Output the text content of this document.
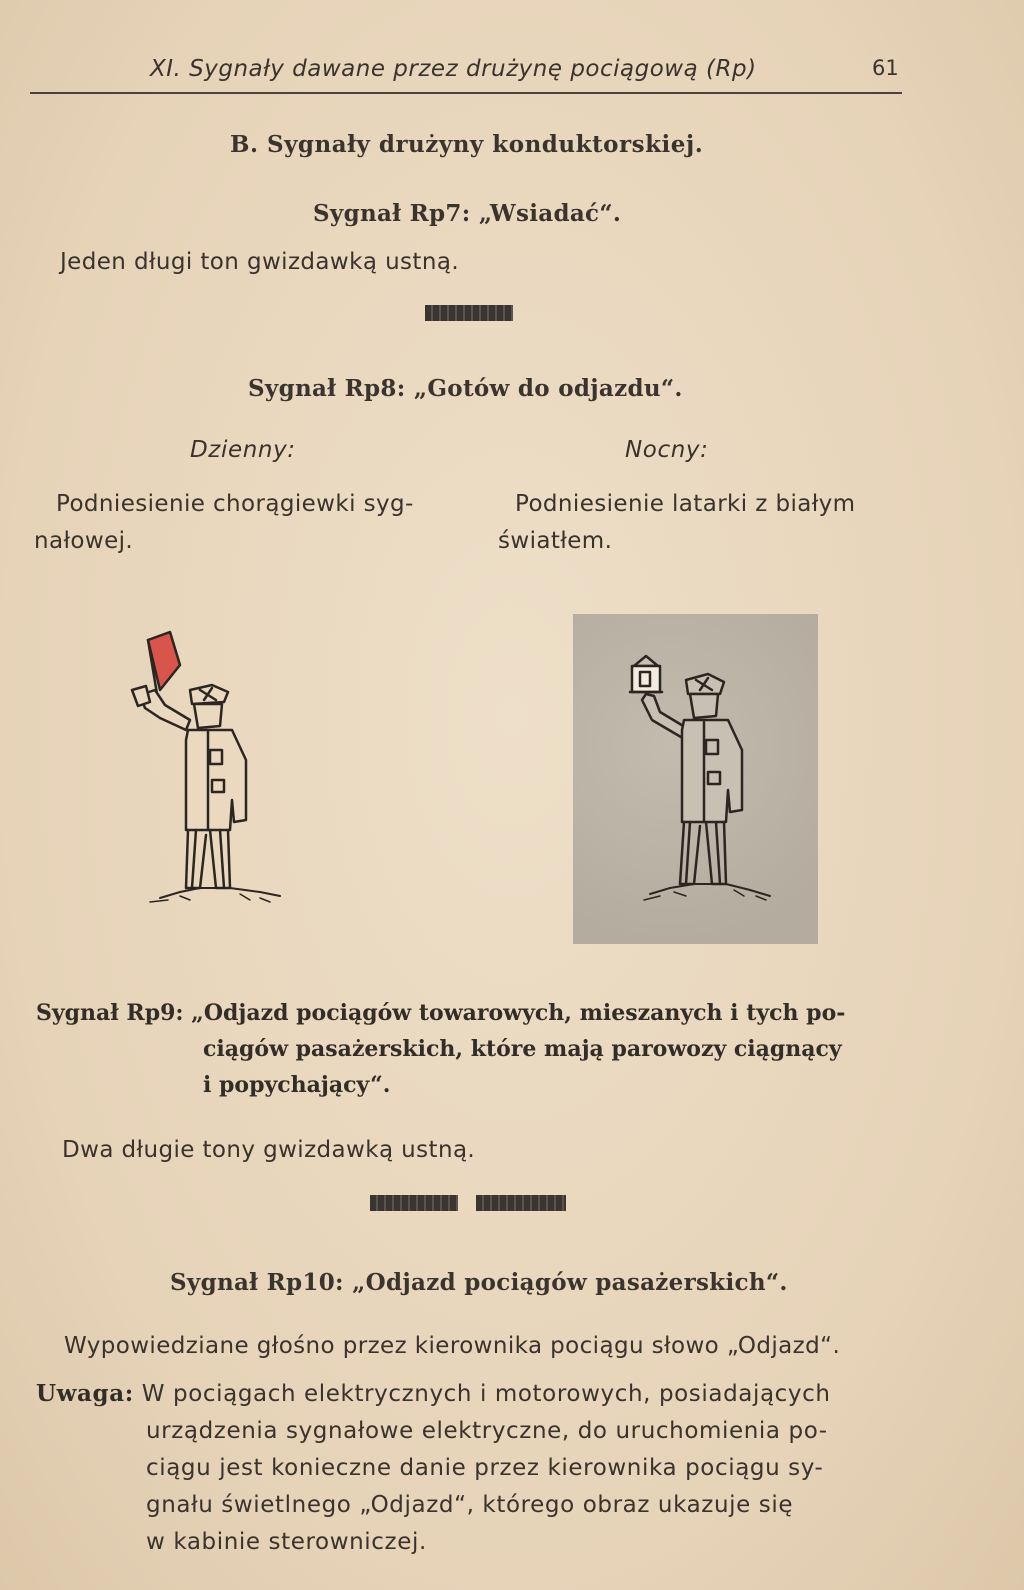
XI. Sygnały dawane przez drużynę pociągową (Rp)	61
B. Sygnały drużyny konduktorskiej.
Sygnał Rp7: „Wsiadać“.
Jeden długi ton gwizdawką ustną.
Sygnał Rp8: „Gotów do odjazdu“.
Dzienny:	Nocny:
Podniesienie chorągiewki syg-
nałowej.
Podniesienie latarki z białym
światłem.
Sygnał Rp9: „Odjazd pociągów towarowych, mieszanych i tych po-
ciągów pasażerskich, które mają parowozy ciągnący
i popychający“.
Dwa długie tony gwizdawką ustną.
Sygnał Rp10: „Odjazd pociągów pasażerskich“.
Wypowiedziane głośno przez kierownika pociągu słowo „Odjazd“.
Uwaga: W pociągach elektrycznych i motorowych, posiadających
urządzenia sygnałowe elektryczne, do uruchomienia po-
ciągu jest konieczne danie przez kierownika pociągu sy-
gnału świetlnego „Odjazd“, którego obraz ukazuje się
w kabinie sterowniczej.
